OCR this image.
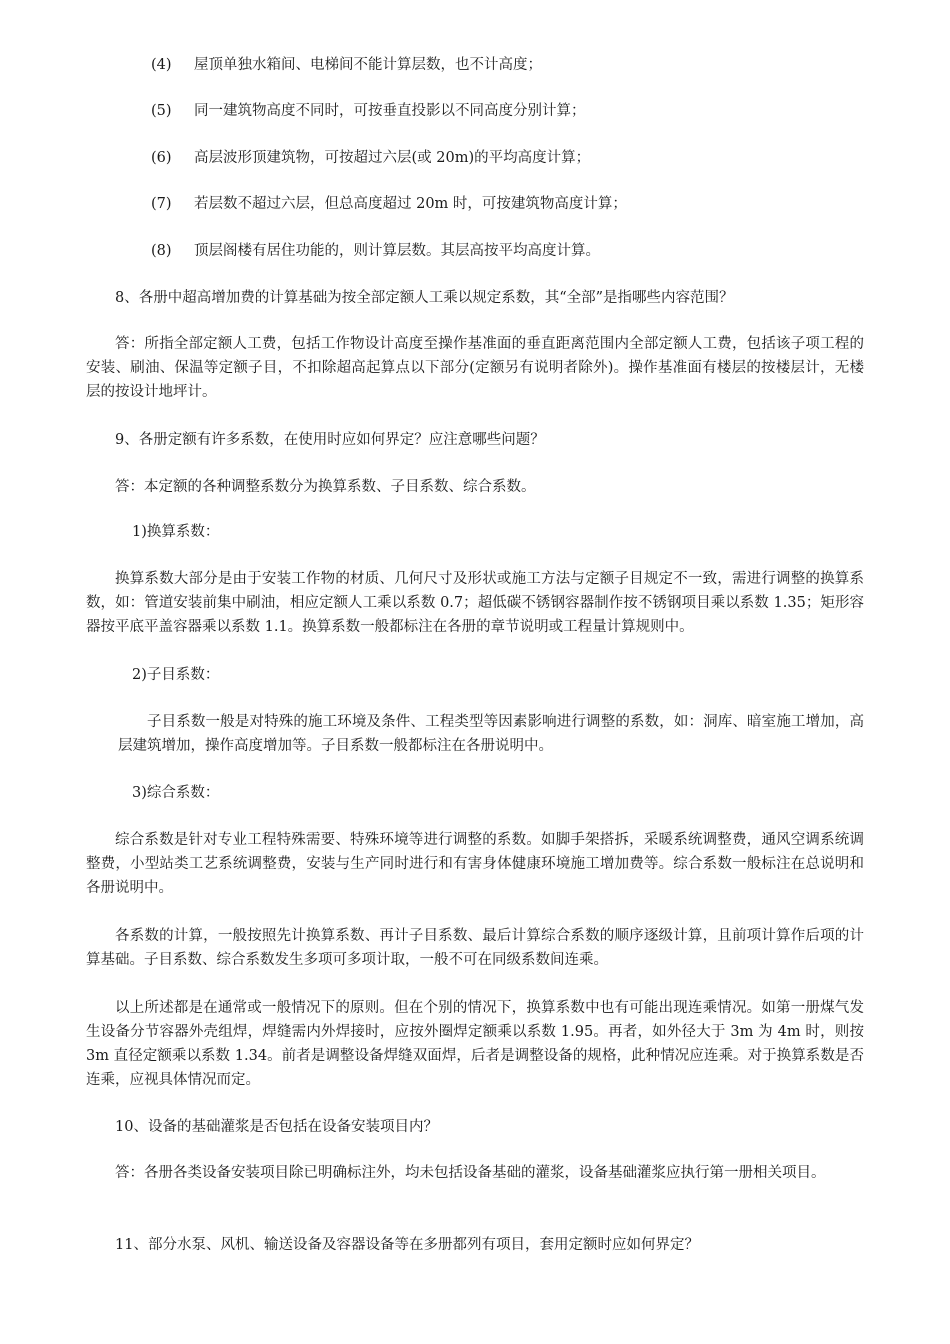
(4) 屋顶单独水箱间、电梯间不能计算层数，也不计高度；
(5) 同一建筑物高度不同时，可按垂直投影以不同高度分别计算；
(6) 高层波形顶建筑物，可按超过六层(或 20m)的平均高度计算；
(7) 若层数不超过六层，但总高度超过 20m 时，可按建筑物高度计算；
(8) 顶层阁楼有居住功能的，则计算层数。其层高按平均高度计算。
8、各册中超高增加费的计算基础为按全部定额人工乘以规定系数，其“全部”是指哪些内容范围？
答：所指全部定额人工费，包括工作物设计高度至操作基准面的垂直距离范围内全部定额人工费，包括该子项工程的安装、刷油、保温等定额子目，不扣除超高起算点以下部分(定额另有说明者除外)。操作基准面有楼层的按楼层计，无楼层的按设计地坪计。
9、各册定额有许多系数，在使用时应如何界定？应注意哪些问题？
答：本定额的各种调整系数分为换算系数、子目系数、综合系数。
1)换算系数：
换算系数大部分是由于安装工作物的材质、几何尺寸及形状或施工方法与定额子目规定不一致，需进行调整的换算系数，如：管道安装前集中刷油，相应定额人工乘以系数 0.7；超低碳不锈钢容器制作按不锈钢项目乘以系数 1.35；矩形容器按平底平盖容器乘以系数 1.1。换算系数一般都标注在各册的章节说明或工程量计算规则中。
2)子目系数：
子目系数一般是对特殊的施工环境及条件、工程类型等因素影响进行调整的系数，如：洞库、暗室施工增加，高层建筑增加，操作高度增加等。子目系数一般都标注在各册说明中。
3)综合系数：
综合系数是针对专业工程特殊需要、特殊环境等进行调整的系数。如脚手架搭拆，采暖系统调整费，通风空调系统调整费，小型站类工艺系统调整费，安装与生产同时进行和有害身体健康环境施工增加费等。综合系数一般标注在总说明和各册说明中。
各系数的计算，一般按照先计换算系数、再计子目系数、最后计算综合系数的顺序逐级计算，且前项计算作后项的计算基础。子目系数、综合系数发生多项可多项计取，一般不可在同级系数间连乘。
以上所述都是在通常或一般情况下的原则。但在个别的情况下，换算系数中也有可能出现连乘情况。如第一册煤气发生设备分节容器外壳组焊，焊缝需内外焊接时，应按外圈焊定额乘以系数 1.95。再者，如外径大于 3m 为 4m 时，则按 3m 直径定额乘以系数 1.34。前者是调整设备焊缝双面焊，后者是调整设备的规格，此种情况应连乘。对于换算系数是否连乘，应视具体情况而定。
10、设备的基础灌浆是否包括在设备安装项目内？
答：各册各类设备安装项目除已明确标注外，均未包括设备基础的灌浆，设备基础灌浆应执行第一册相关项目。
11、部分水泵、风机、输送设备及容器设备等在多册都列有项目，套用定额时应如何界定？
